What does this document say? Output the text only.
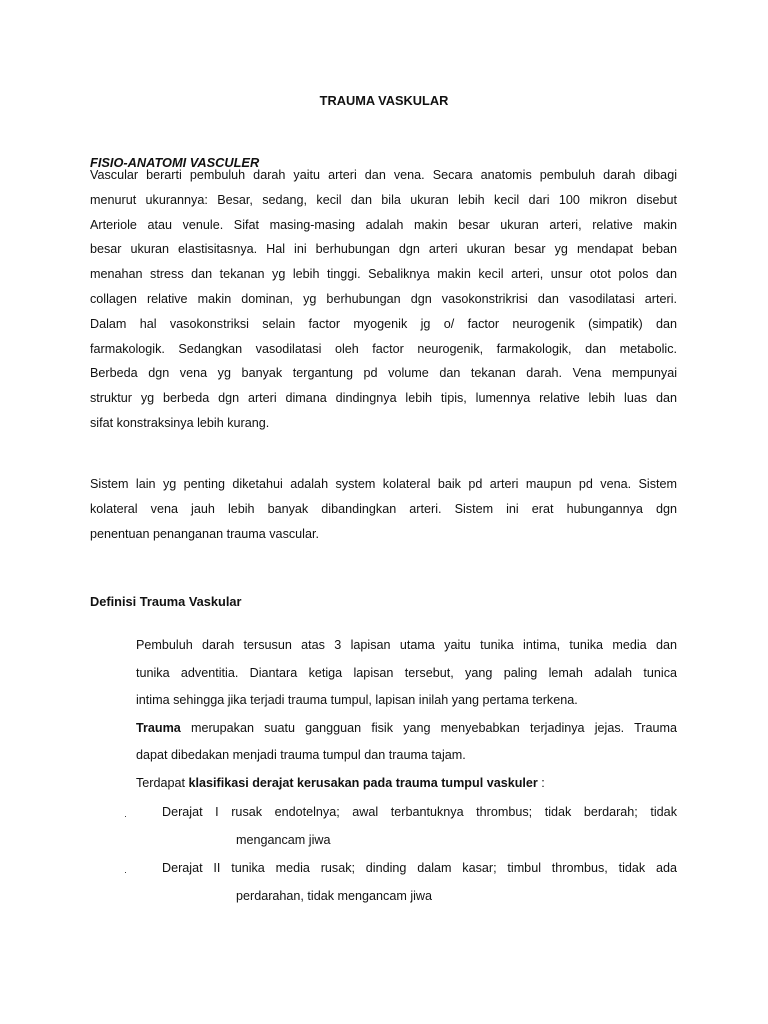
TRAUMA VASKULAR
FISIO-ANATOMI VASCULER
Vascular berarti pembuluh darah yaitu arteri dan vena. Secara anatomis pembuluh darah dibagi
menurut ukurannya: Besar, sedang, kecil dan bila ukuran lebih kecil dari 100 mikron disebut
Arteriole atau venule. Sifat masing-masing adalah makin besar ukuran arteri, relative makin
besar ukuran elastisitasnya. Hal ini berhubungan dgn arteri ukuran besar yg mendapat beban
menahan stress dan tekanan yg lebih tinggi. Sebaliknya makin kecil arteri, unsur otot polos dan
collagen relative makin dominan, yg berhubungan dgn vasokonstrikrisi dan vasodilatasi arteri.
Dalam hal vasokonstriksi selain factor myogenik jg o/ factor neurogenik (simpatik) dan
farmakologik. Sedangkan vasodilatasi oleh factor neurogenik, farmakologik, dan metabolic.
Berbeda dgn vena yg banyak tergantung pd volume dan tekanan darah. Vena mempunyai
struktur yg berbeda dgn arteri dimana dindingnya lebih tipis, lumennya relative lebih luas dan
sifat konstraksinya lebih kurang.
Sistem lain yg penting diketahui adalah system kolateral baik pd arteri maupun pd vena. Sistem
kolateral vena jauh lebih banyak dibandingkan arteri. Sistem ini erat hubungannya dgn
penentuan penanganan trauma vascular.
Definisi Trauma Vaskular
Pembuluh darah tersusun atas 3 lapisan utama yaitu tunika intima, tunika media dan
tunika adventitia. Diantara ketiga lapisan tersebut, yang paling lemah adalah tunica
intima sehingga jika terjadi trauma tumpul, lapisan inilah yang pertama terkena.
Trauma merupakan suatu gangguan fisik yang menyebabkan terjadinya jejas. Trauma
dapat dibedakan menjadi trauma tumpul dan trauma tajam.
Terdapat klasifikasi derajat kerusakan pada trauma tumpul vaskuler :
·	Derajat I rusak endotelnya; awal terbantuknya thrombus; tidak berdarah; tidak
mengancam jiwa
·	Derajat II tunika media rusak; dinding dalam kasar; timbul thrombus, tidak ada
perdarahan, tidak mengancam jiwa
